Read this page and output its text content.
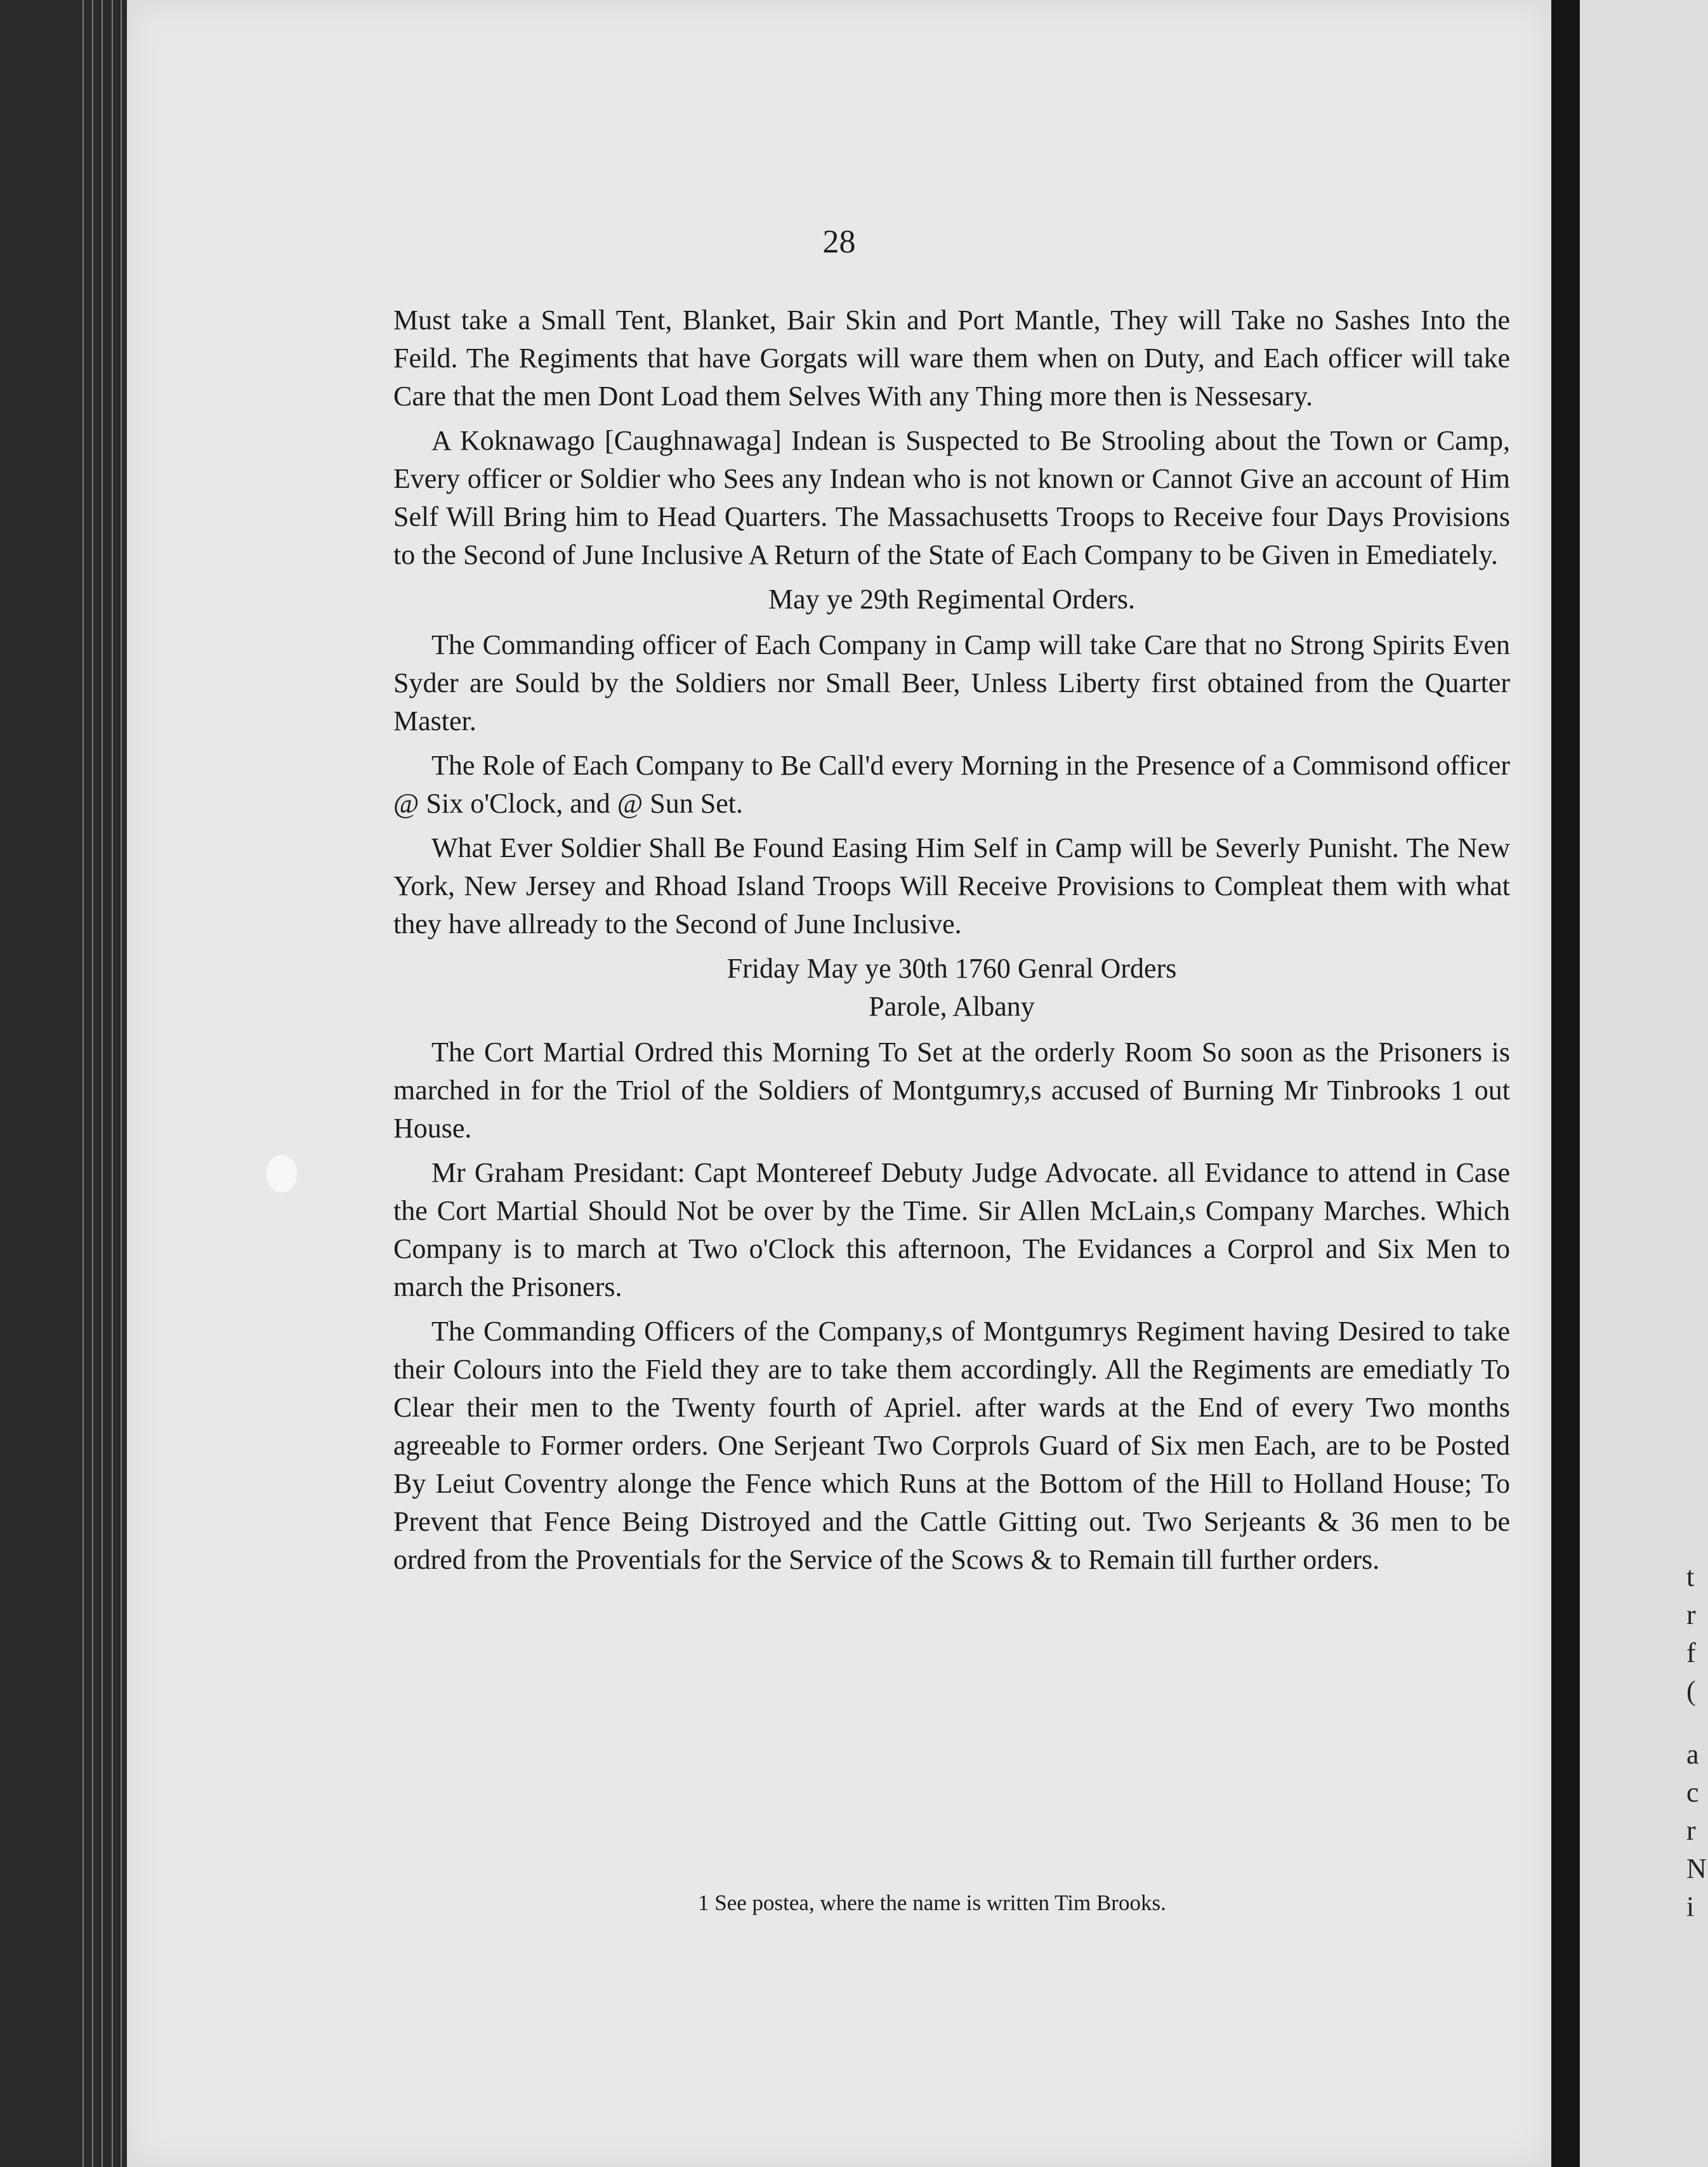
28

Must take a Small Tent, Blanket, Bair Skin and Port Mantle, They will Take no Sashes Into the Feild. The Regiments that have Gorgats will ware them when on Duty, and Each officer will take Care that the men Dont Load them Selves With any Thing more then is Nessesary.

A Koknawago [Caughnawaga] Indean is Suspected to Be Strooling about the Town or Camp, Every officer or Soldier who Sees any Indean who is not known or Cannot Give an account of Him Self Will Bring him to Head Quarters. The Massachusetts Troops to Receive four Days Provisions to the Second of June Inclusive A Return of the State of Each Company to be Given in Emediately.

May ye 29th Regimental Orders.

The Commanding officer of Each Company in Camp will take Care that no Strong Spirits Even Syder are Sould by the Soldiers nor Small Beer, Unless Liberty first obtained from the Quarter Master.

The Role of Each Company to Be Call'd every Morning in the Presence of a Commisond officer @ Six o'Clock, and @ Sun Set.

What Ever Soldier Shall Be Found Easing Him Self in Camp will be Severly Punisht. The New York, New Jersey and Rhoad Island Troops Will Receive Provisions to Compleat them with what they have allready to the Second of June Inclusive.

Friday May ye 30th 1760 Genral Orders

Parole, Albany

The Cort Martial Ordred this Morning To Set at the orderly Room So soon as the Prisoners is marched in for the Triol of the Soldiers of Montgumry,s accused of Burning Mr Tinbrooks 1 out House.

Mr Graham Presidant: Capt Montereef Debuty Judge Advocate. all Evidance to attend in Case the Cort Martial Should Not be over by the Time. Sir Allen McLain,s Company Marches. Which Company is to march at Two o'Clock this afternoon, The Evidances a Corprol and Six Men to march the Prisoners.

The Commanding Officers of the Company,s of Montgumrys Regiment having Desired to take their Colours into the Field they are to take them accordingly. All the Regiments are emediatly To Clear their men to the Twenty fourth of Apriel. after wards at the End of every Two months agreeable to Former orders. One Serjeant Two Corprols Guard of Six men Each, are to be Posted By Leiut Coventry alonge the Fence which Runs at the Bottom of the Hill to Holland House; To Prevent that Fence Being Distroyed and the Cattle Gitting out. Two Serjeants & 36 men to be ordred from the Proventials for the Service of the Scows & to Remain till further orders.

1 See postea, where the name is written Tim Brooks.
t
r
f
(
a
c
r
N
i
